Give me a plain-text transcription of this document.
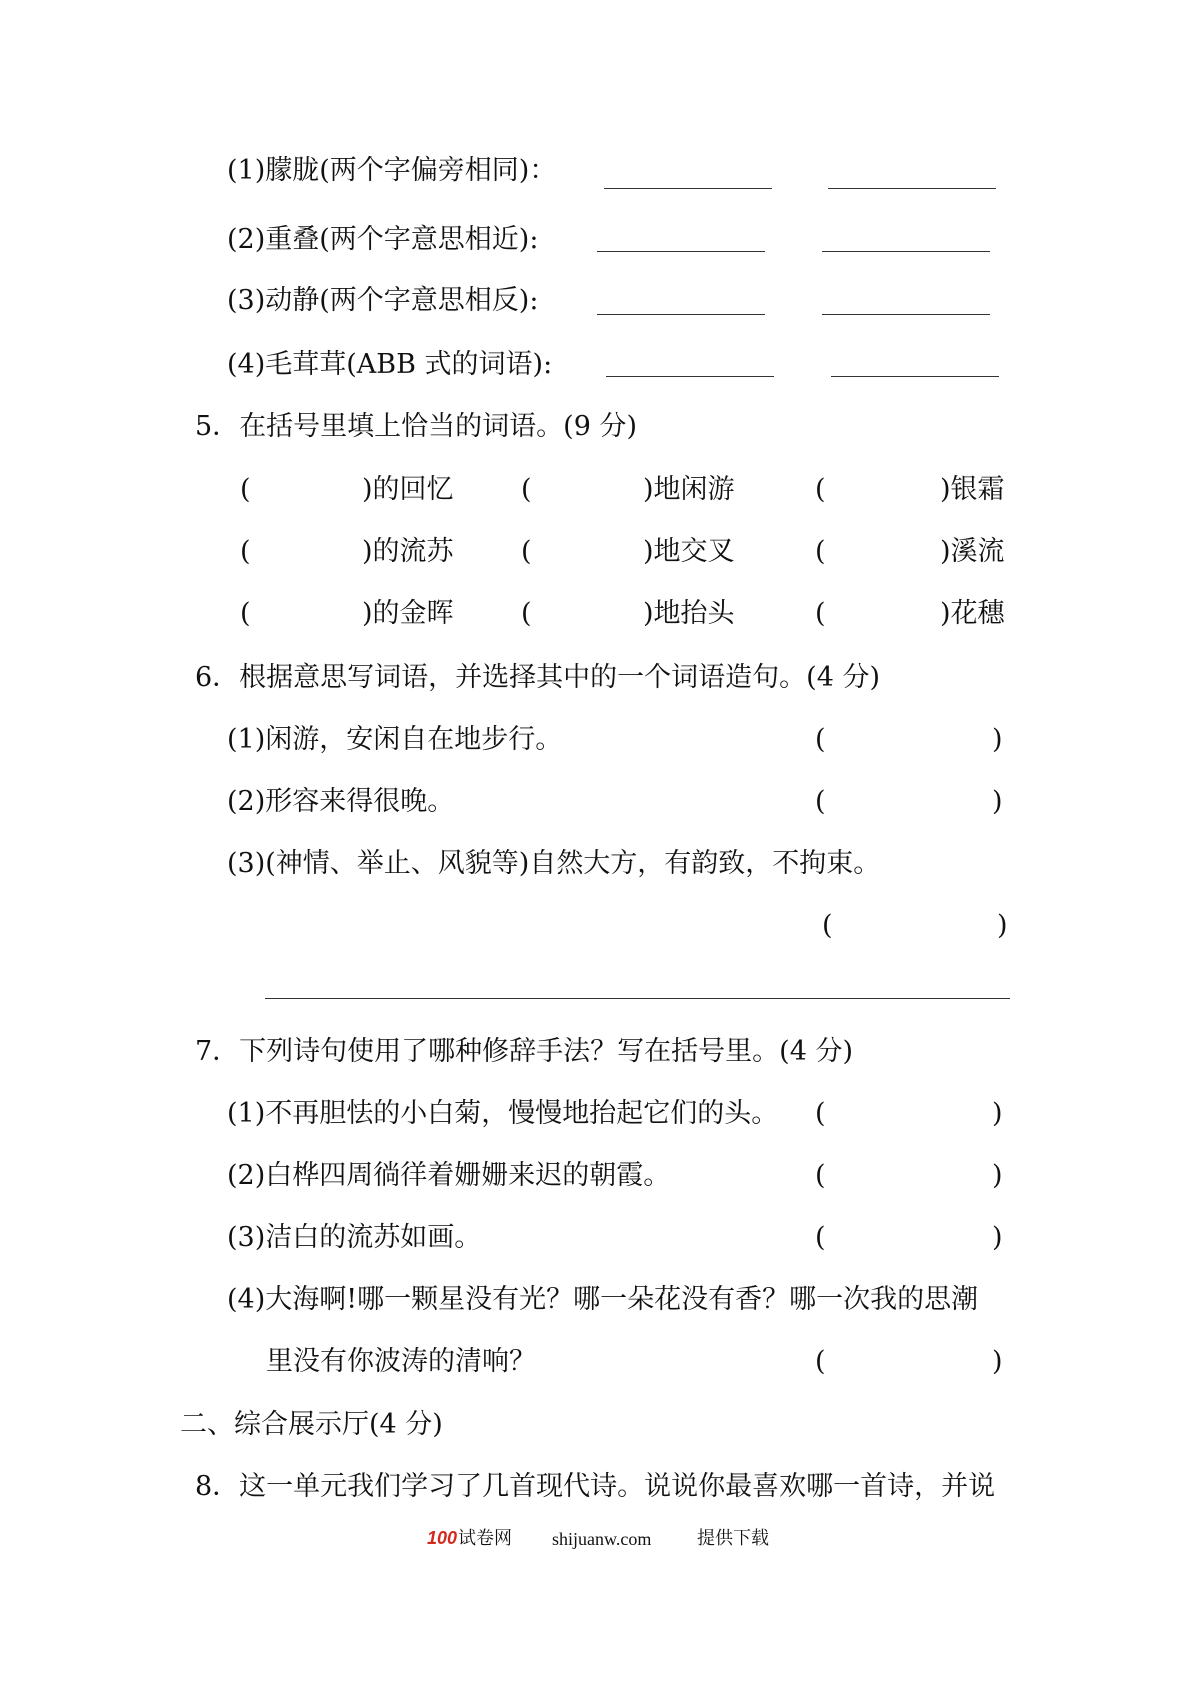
(1)朦胧(两个字偏旁相同)：
(2)重叠(两个字意思相近):
(3)动静(两个字意思相反):
(4)毛茸茸(ABB 式的词语):
5．在括号里填上恰当的词语。(9 分)
(	)的回忆 (	)地闲游	(	)银霜
(	)的流苏 (	)地交叉	(	)溪流
(	)的金晖 (	)地抬头	(	)花穗
6．根据意思写词语，并选择其中的一个词语造句。(4 分)
(1)闲游，安闲自在地步行。	(	)
(2)形容来得很晚。	(	)
(3)(神情、举止、风貌等)自然大方，有韵致，不拘束。
(	)
7．下列诗句使用了哪种修辞手法？写在括号里。(4 分)
(1)不再胆怯的小白菊，慢慢地抬起它们的头。 (	)
(2)白桦四周徜徉着姗姗来迟的朝霞。	(	)
(3)洁白的流苏如画。	(	)
(4)大海啊!哪一颗星没有光？哪一朵花没有香？哪一次我的思潮
里没有你波涛的清响？	(	)
二、综合展示厅(4 分)
8．这一单元我们学习了几首现代诗。说说你最喜欢哪一首诗，并说
100 试卷网 shijuanw.com	提供下载
